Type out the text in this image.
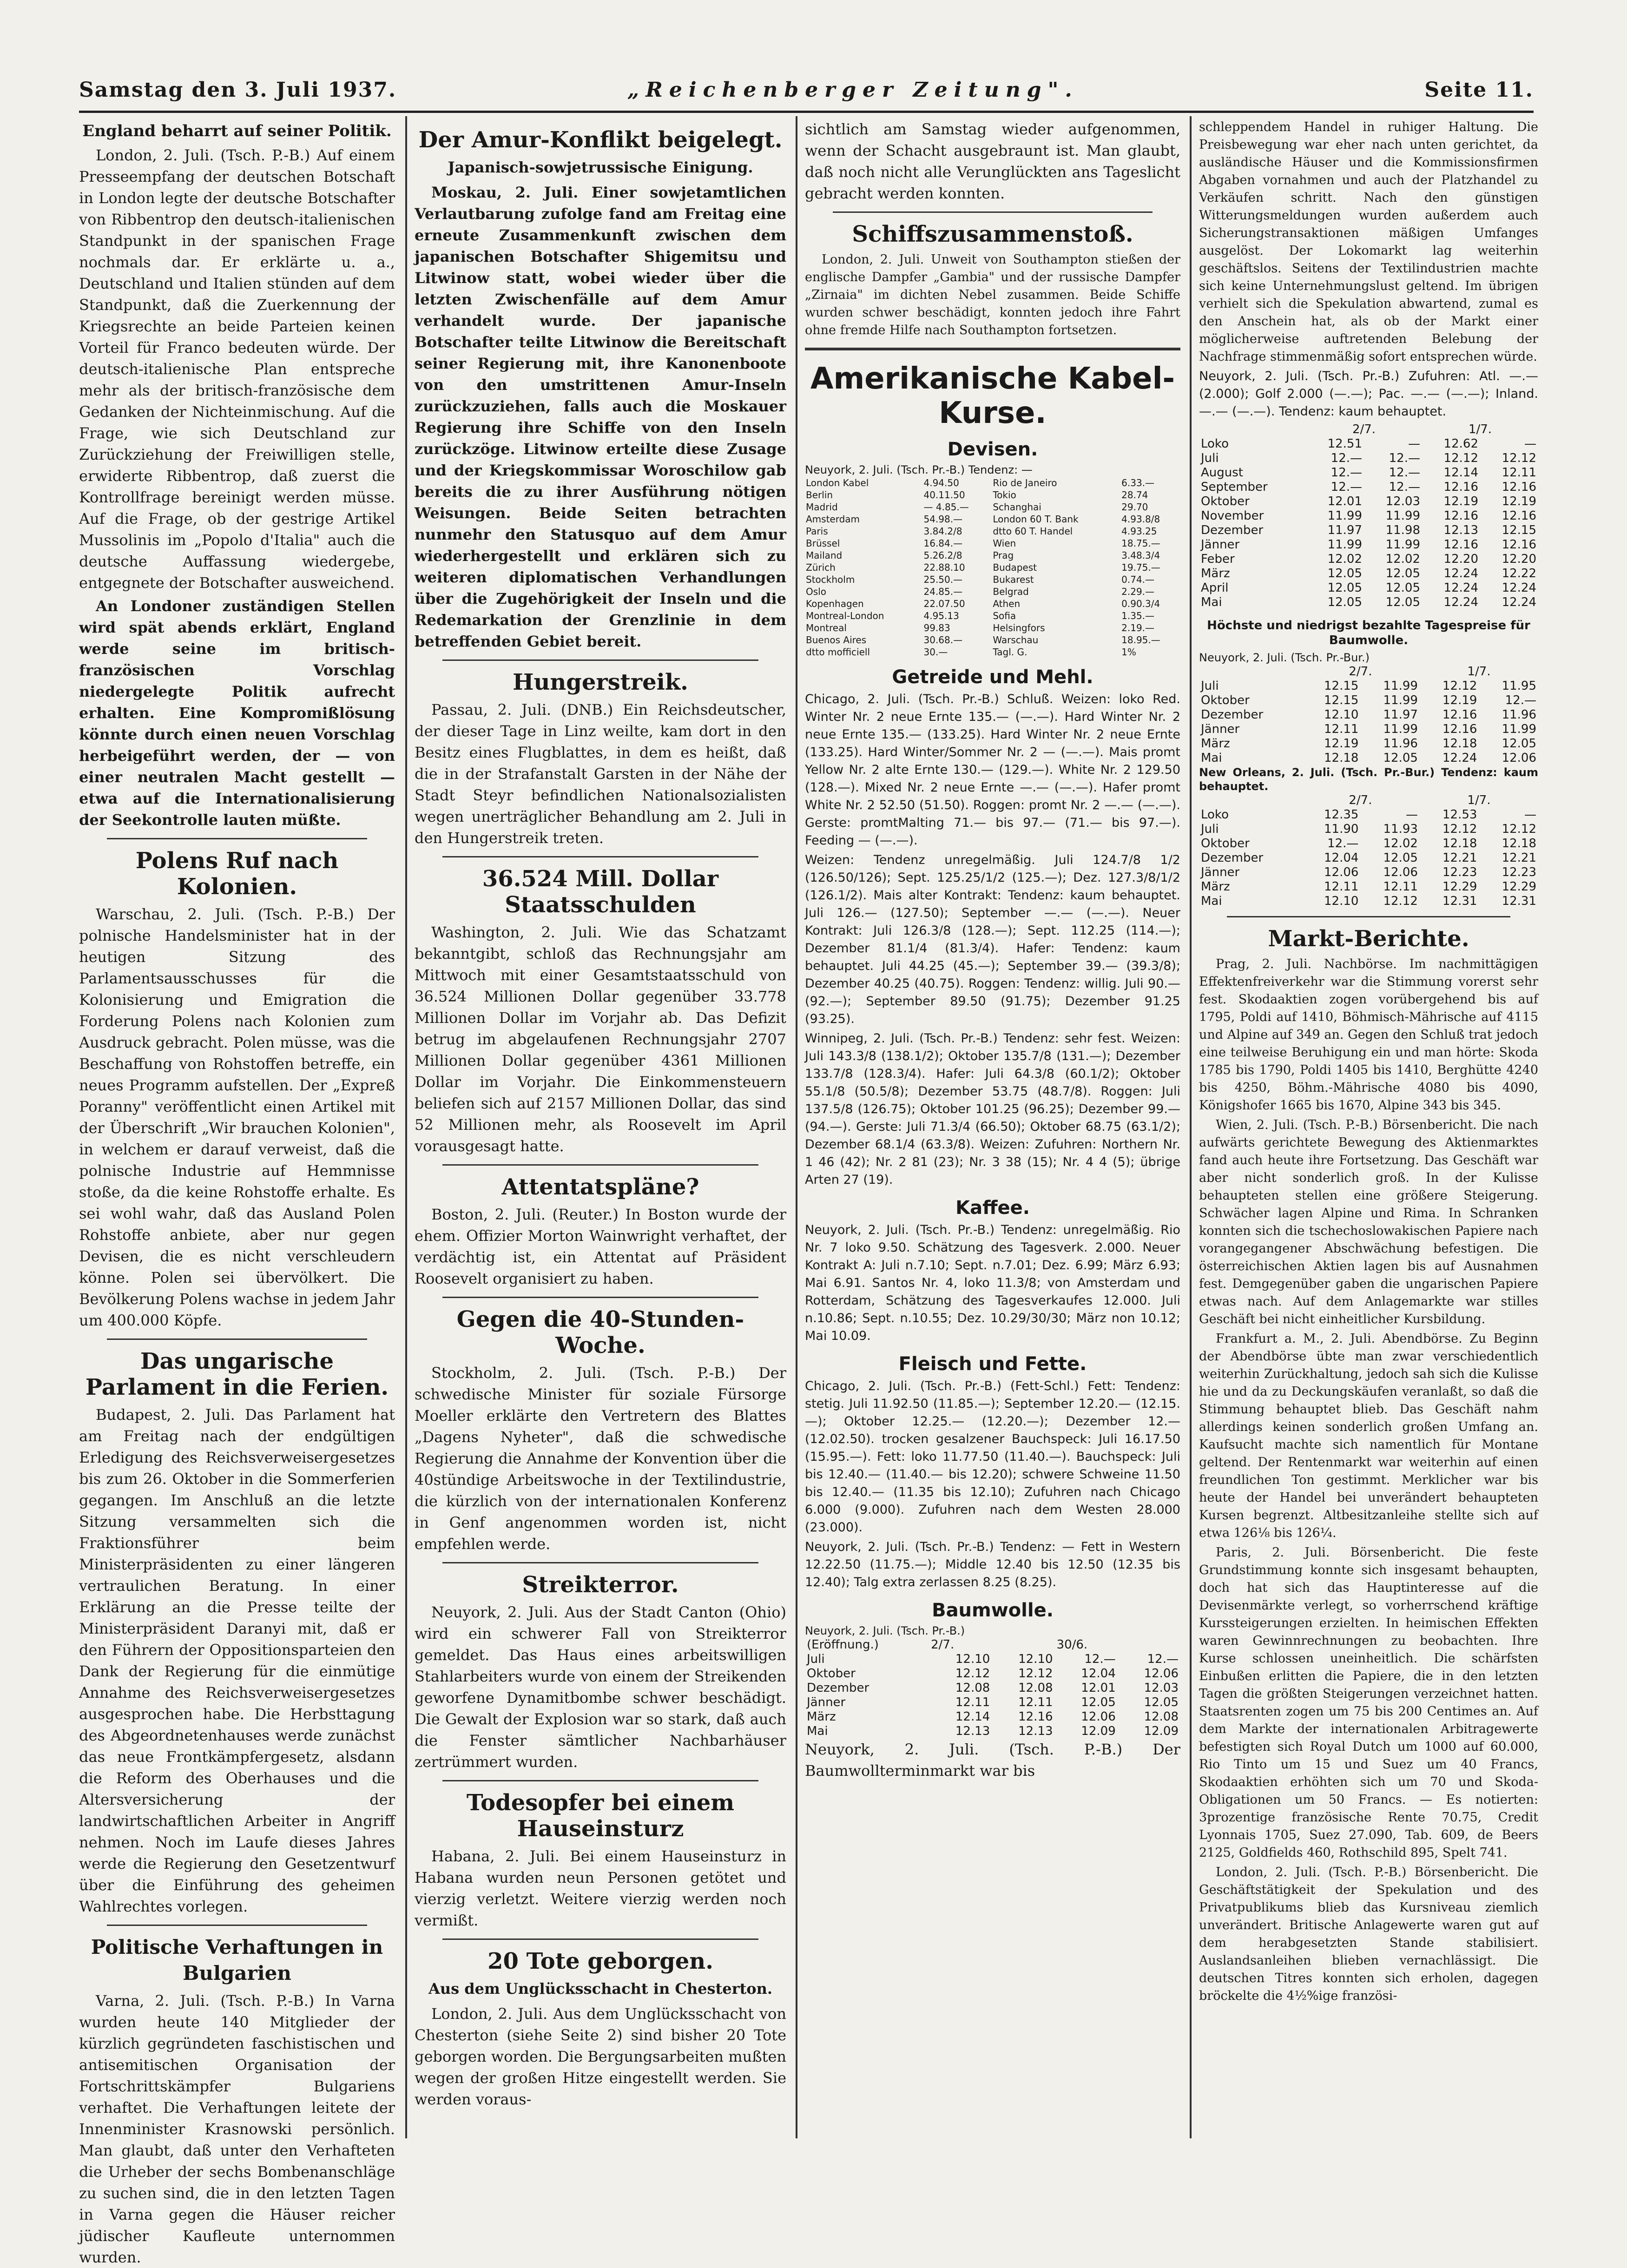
Samstag den 3. Juli 1937.	„Reichenberger Zeitung".	Seite 11.
England beharrt auf seiner Politik.

London, 2. Juli. (Tsch. P.-B.) Auf einem Presseempfang der deutschen Botschaft in London legte der deutsche Botschafter von Ribbentrop den deutsch-italienischen Standpunkt in der spanischen Frage nochmals dar. Er erklärte u. a., Deutschland und Italien stünden auf dem Standpunkt, daß die Zuerkennung der Kriegsrechte an beide Parteien keinen Vorteil für Franco bedeuten würde. Der deutsch-italienische Plan entspreche mehr als der britisch-französische dem Gedanken der Nichteinmischung. Auf die Frage, wie sich Deutschland zur Zurückziehung der Freiwilligen stelle, erwiderte Ribbentrop, daß zuerst die Kontrollfrage bereinigt werden müsse. Auf die Frage, ob der gestrige Artikel Mussolinis im „Popolo d'Italia" auch die deutsche Auffassung wiedergebe, entgegnete der Botschafter ausweichend.

An Londoner zuständigen Stellen wird spät abends erklärt, England werde seine im britisch-französischen Vorschlag niedergelegte Politik aufrecht erhalten. Eine Kompromißlösung könnte durch einen neuen Vorschlag herbeigeführt werden, der — von einer neutralen Macht gestellt — etwa auf die Internationalisierung der Seekontrolle lauten müßte.

Polens Ruf nach Kolonien.

Warschau, 2. Juli. (Tsch. P.-B.) Der polnische Handelsminister hat in der heutigen Sitzung des Parlamentsausschusses für die Kolonisierung und Emigration die Forderung Polens nach Kolonien zum Ausdruck gebracht. Polen müsse, was die Beschaffung von Rohstoffen betreffe, ein neues Programm aufstellen. Der „Expreß Poranny" veröffentlicht einen Artikel mit der Überschrift „Wir brauchen Kolonien", in welchem er darauf verweist, daß die polnische Industrie auf Hemmnisse stoße, da die keine Rohstoffe erhalte. Es sei wohl wahr, daß das Ausland Polen Rohstoffe anbiete, aber nur gegen Devisen, die es nicht verschleudern könne. Polen sei übervölkert. Die Bevölkerung Polens wachse in jedem Jahr um 400.000 Köpfe.

Das ungarische Parlament in die Ferien.

Budapest, 2. Juli. Das Parlament hat am Freitag nach der endgültigen Erledigung des Reichsverweisergesetzes bis zum 26. Oktober in die Sommerferien gegangen. Im Anschluß an die letzte Sitzung versammelten sich die Fraktionsführer beim Ministerpräsidenten zu einer längeren vertraulichen Beratung. In einer Erklärung an die Presse teilte der Ministerpräsident Daranyi mit, daß er den Führern der Oppositionsparteien den Dank der Regierung für die einmütige Annahme des Reichsverweisergesetzes ausgesprochen habe. Die Herbsttagung des Abgeordnetenhauses werde zunächst das neue Frontkämpfergesetz, alsdann die Reform des Oberhauses und die Altersversicherung der landwirtschaftlichen Arbeiter in Angriff nehmen. Noch im Laufe dieses Jahres werde die Regierung den Gesetzentwurf über die Einführung des geheimen Wahlrechtes vorlegen.

Politische Verhaftungen in Bulgarien

Varna, 2. Juli. (Tsch. P.-B.) In Varna wurden heute 140 Mitglieder der kürzlich gegründeten faschistischen und antisemitischen Organisation der Fortschrittskämpfer Bulgariens verhaftet. Die Verhaftungen leitete der Innenminister Krasnowski persönlich. Man glaubt, daß unter den Verhafteten die Urheber der sechs Bombenanschläge zu suchen sind, die in den letzten Tagen in Varna gegen die Häuser reicher jüdischer Kaufleute unternommen wurden.

Der Amur-Konflikt beigelegt.
Japanisch-sowjetrussische Einigung.

Moskau, 2. Juli. Einer sowjetamtlichen Verlautbarung zufolge fand am Freitag eine erneute Zusammenkunft zwischen dem japanischen Botschafter Shigemitsu und Litwinow statt, wobei wieder über die letzten Zwischenfälle auf dem Amur verhandelt wurde. Der japanische Botschafter teilte Litwinow die Bereitschaft seiner Regierung mit, ihre Kanonenboote von den umstrittenen Amur-Inseln zurückzuziehen, falls auch die Moskauer Regierung ihre Schiffe von den Inseln zurückzöge. Litwinow erteilte diese Zusage und der Kriegskommissar Woroschilow gab bereits die zu ihrer Ausführung nötigen Weisungen. Beide Seiten betrachten nunmehr den Statusquo auf dem Amur wiederhergestellt und erklären sich zu weiteren diplomatischen Verhandlungen über die Zugehörigkeit der Inseln und die Redemarkation der Grenzlinie in dem betreffenden Gebiet bereit.

Hungerstreik.

Passau, 2. Juli. (DNB.) Ein Reichsdeutscher, der dieser Tage in Linz weilte, kam dort in den Besitz eines Flugblattes, in dem es heißt, daß die in der Strafanstalt Garsten in der Nähe der Stadt Steyr befindlichen Nationalsozialisten wegen unerträglicher Behandlung am 2. Juli in den Hungerstreik treten.

36.524 Mill. Dollar Staatsschulden

Washington, 2. Juli. Wie das Schatzamt bekanntgibt, schloß das Rechnungsjahr am Mittwoch mit einer Gesamtstaatsschuld von 36.524 Millionen Dollar gegenüber 33.778 Millionen Dollar im Vorjahr ab. Das Defizit betrug im abgelaufenen Rechnungsjahr 2707 Millionen Dollar gegenüber 4361 Millionen Dollar im Vorjahr. Die Einkommensteuern beliefen sich auf 2157 Millionen Dollar, das sind 52 Millionen mehr, als Roosevelt im April vorausgesagt hatte.

Attentatspläne?

Boston, 2. Juli. (Reuter.) In Boston wurde der ehem. Offizier Morton Wainwright verhaftet, der verdächtig ist, ein Attentat auf Präsident Roosevelt organisiert zu haben.

Gegen die 40-Stunden-Woche.

Stockholm, 2. Juli. (Tsch. P.-B.) Der schwedische Minister für soziale Fürsorge Moeller erklärte den Vertretern des Blattes „Dagens Nyheter", daß die schwedische Regierung die Annahme der Konvention über die 40stündige Arbeitswoche in der Textilindustrie, die kürzlich von der internationalen Konferenz in Genf angenommen worden ist, nicht empfehlen werde.

Streikterror.

Neuyork, 2. Juli. Aus der Stadt Canton (Ohio) wird ein schwerer Fall von Streikterror gemeldet. Das Haus eines arbeitswilligen Stahlarbeiters wurde von einem der Streikenden geworfene Dynamitbombe schwer beschädigt. Die Gewalt der Explosion war so stark, daß auch die Fenster sämtlicher Nachbarhäuser zertrümmert wurden.

Todesopfer bei einem Hauseinsturz

Habana, 2. Juli. Bei einem Hauseinsturz in Habana wurden neun Personen getötet und vierzig verletzt. Weitere vierzig werden noch vermißt.

20 Tote geborgen.
Aus dem Unglücksschacht in Chesterton.

London, 2. Juli. Aus dem Unglücksschacht von Chesterton (siehe Seite 2) sind bisher 20 Tote geborgen worden. Die Bergungsarbeiten mußten wegen der großen Hitze eingestellt werden. Sie werden voraus-

sichtlich am Samstag wieder aufgenommen, wenn der Schacht ausgebraunt ist. Man glaubt, daß noch nicht alle Verunglückten ans Tageslicht gebracht werden konnten.

Schiffszusammenstoß.

London, 2. Juli. Unweit von Southampton stießen der englische Dampfer „Gambia" und der russische Dampfer „Zirnaia" im dichten Nebel zusammen. Beide Schiffe wurden schwer beschädigt, konnten jedoch ihre Fahrt ohne fremde Hilfe nach Southampton fortsetzen.

Amerikanische Kabel-Kurse.
Devisen.
Neuyork, 2. Juli. (Tsch. Pr.-B.) Tendenz: —
London Kabel	4.94.50	Rio de Janeiro	6.33.—
Berlin	40.11.50	Tokio	28.74
Madrid	— 4.85.—	Schanghai	29.70
Amsterdam	54.98.—	London 60 T. Bank	4.93.8/8
Paris	3.84.2/8	dtto 60 T. Handel	4.93.25
Brüssel	16.84.—	Wien	18.75.—
Mailand	5.26.2/8	Prag	3.48.3/4
Zürich	22.88.10	Budapest	19.75.—
Stockholm	25.50.—	Bukarest	0.74.—
Oslo	24.85.—	Belgrad	2.29.—
Kopenhagen	22.07.50	Athen	0.90.3/4
Montreal-London	4.95.13	Sofia	1.35.—
Montreal	99.83	Helsingfors	2.19.—
Buenos Aires	30.68.—	Warschau	18.95.—
dtto mofficiell	30.—	Tagl. G.	1%
Getreide und Mehl.

Chicago, 2. Juli. (Tsch. Pr.-B.) Schluß. Weizen: loko Red. Winter Nr. 2 neue Ernte 135.— (—.—). Hard Winter Nr. 2 neue Ernte 135.— (133.25). Hard Winter Nr. 2 neue Ernte (133.25). Hard Winter/Sommer Nr. 2 — (—.—). Mais promt Yellow Nr. 2 alte Ernte 130.— (129.—). White Nr. 2 129.50 (128.—). Mixed Nr. 2 neue Ernte —.— (—.—). Hafer promt White Nr. 2 52.50 (51.50). Roggen: promt Nr. 2 —.— (—.—). Gerste: promtMalting 71.— bis 97.— (71.— bis 97.—). Feeding — (—.—).

Weizen: Tendenz unregelmäßig. Juli 124.7/8 1/2 (126.50/126); Sept. 125.25/1/2 (125.—); Dez. 127.3/8/1/2 (126.1/2). Mais alter Kontrakt: Tendenz: kaum behauptet. Juli 126.— (127.50); September —.— (—.—). Neuer Kontrakt: Juli 126.3/8 (128.—); Sept. 112.25 (114.—); Dezember 81.1/4 (81.3/4). Hafer: Tendenz: kaum behauptet. Juli 44.25 (45.—); September 39.— (39.3/8); Dezember 40.25 (40.75). Roggen: Tendenz: willig. Juli 90.— (92.—); September 89.50 (91.75); Dezember 91.25 (93.25).

Winnipeg, 2. Juli. (Tsch. Pr.-B.) Tendenz: sehr fest. Weizen: Juli 143.3/8 (138.1/2); Oktober 135.7/8 (131.—); Dezember 133.7/8 (128.3/4). Hafer: Juli 64.3/8 (60.1/2); Oktober 55.1/8 (50.5/8); Dezember 53.75 (48.7/8). Roggen: Juli 137.5/8 (126.75); Oktober 101.25 (96.25); Dezember 99.— (94.—). Gerste: Juli 71.3/4 (66.50); Oktober 68.75 (63.1/2); Dezember 68.1/4 (63.3/8). Weizen: Zufuhren: Northern Nr. 1 46 (42); Nr. 2 81 (23); Nr. 3 38 (15); Nr. 4 4 (5); übrige Arten 27 (19).

Kaffee.

Neuyork, 2. Juli. (Tsch. Pr.-B.) Tendenz: unregelmäßig. Rio Nr. 7 loko 9.50. Schätzung des Tagesverk. 2.000. Neuer Kontrakt A: Juli n.7.10; Sept. n.7.01; Dez. 6.99; März 6.93; Mai 6.91. Santos Nr. 4, loko 11.3/8; von Amsterdam und Rotterdam, Schätzung des Tagesverkaufes 12.000. Juli n.10.86; Sept. n.10.55; Dez. 10.29/30/30; März non 10.12; Mai 10.09.

Fleisch und Fette.

Chicago, 2. Juli. (Tsch. Pr.-B.) (Fett-Schl.) Fett: Tendenz: stetig. Juli 11.92.50 (11.85.—); September 12.20.— (12.15.—); Oktober 12.25.— (12.20.—); Dezember 12.— (12.02.50). trocken gesalzener Bauchspeck: Juli 16.17.50 (15.95.—). Fett: loko 11.77.50 (11.40.—). Bauchspeck: Juli bis 12.40.— (11.40.— bis 12.20); schwere Schweine 11.50 bis 12.40.— (11.35 bis 12.10); Zufuhren nach Chicago 6.000 (9.000). Zufuhren nach dem Westen 28.000 (23.000).

Neuyork, 2. Juli. (Tsch. Pr.-B.) Tendenz: — Fett in Western 12.22.50 (11.75.—); Middle 12.40 bis 12.50 (12.35 bis 12.40); Talg extra zerlassen 8.25 (8.25).

Baumwolle.
Neuyork, 2. Juli. (Tsch. Pr.-B.)
(Eröffnung.)	2/7.		30/6.	
Juli	12.10	12.10	12.—	12.—
Oktober	12.12	12.12	12.04	12.06
Dezember	12.08	12.08	12.01	12.03
Jänner	12.11	12.11	12.05	12.05
März	12.14	12.16	12.06	12.08
Mai	12.13	12.13	12.09	12.09

Neuyork, 2. Juli. (Tsch. P.-B.) Der Baumwollterminmarkt war bis

schleppendem Handel in ruhiger Haltung. Die Preisbewegung war eher nach unten gerichtet, da ausländische Häuser und die Kommissionsfirmen Abgaben vornahmen und auch der Platzhandel zu Verkäufen schritt. Nach den günstigen Witterungsmeldungen wurden außerdem auch Sicherungstransaktionen mäßigen Umfanges ausgelöst. Der Lokomarkt lag weiterhin geschäftslos. Seitens der Textilindustrien machte sich keine Unternehmungslust geltend. Im übrigen verhielt sich die Spekulation abwartend, zumal es den Anschein hat, als ob der Markt einer möglicherweise auftretenden Belebung der Nachfrage stimmenmäßig sofort entsprechen würde.

Neuyork, 2. Juli. (Tsch. Pr.-B.) Zufuhren: Atl. —.— (2.000); Golf 2.000 (—.—); Pac. —.— (—.—); Inland. —.— (—.—). Tendenz: kaum behauptet.

	2/7.		1/7.	
Loko	12.51	—	12.62	—
Juli	12.—	12.—	12.12	12.12
August	12.—	12.—	12.14	12.11
September	12.—	12.—	12.16	12.16
Oktober	12.01	12.03	12.19	12.19
November	11.99	11.99	12.16	12.16
Dezember	11.97	11.98	12.13	12.15
Jänner	11.99	11.99	12.16	12.16
Feber	12.02	12.02	12.20	12.20
März	12.05	12.05	12.24	12.22
April	12.05	12.05	12.24	12.24
Mai	12.05	12.05	12.24	12.24
Höchste und niedrigst bezahlte Tagespreise für Baumwolle.
Neuyork, 2. Juli. (Tsch. Pr.-Bur.)
	2/7.		1/7.	
Juli	12.15	11.99	12.12	11.95
Oktober	12.15	11.99	12.19	12.—
Dezember	12.10	11.97	12.16	11.96
Jänner	12.11	11.99	12.16	11.99
März	12.19	11.96	12.18	12.05
Mai	12.18	12.05	12.24	12.06
New Orleans, 2. Juli. (Tsch. Pr.-Bur.) Tendenz: kaum behauptet.
	2/7.		1/7.	
Loko	12.35	—	12.53	—
Juli	11.90	11.93	12.12	12.12
Oktober	12.—	12.02	12.18	12.18
Dezember	12.04	12.05	12.21	12.21
Jänner	12.06	12.06	12.23	12.23
März	12.11	12.11	12.29	12.29
Mai	12.10	12.12	12.31	12.31
Markt-Berichte.

Prag, 2. Juli. Nachbörse. Im nachmittägigen Effektenfreiverkehr war die Stimmung vorerst sehr fest. Skodaaktien zogen vorübergehend bis auf 1795, Poldi auf 1410, Böhmisch-Mährische auf 4115 und Alpine auf 349 an. Gegen den Schluß trat jedoch eine teilweise Beruhigung ein und man hörte: Skoda 1785 bis 1790, Poldi 1405 bis 1410, Berghütte 4240 bis 4250, Böhm.-Mährische 4080 bis 4090, Königshofer 1665 bis 1670, Alpine 343 bis 345.

Wien, 2. Juli. (Tsch. P.-B.) Börsenbericht. Die nach aufwärts gerichtete Bewegung des Aktienmarktes fand auch heute ihre Fortsetzung. Das Geschäft war aber nicht sonderlich groß. In der Kulisse behaupteten stellen eine größere Steigerung. Schwächer lagen Alpine und Rima. In Schranken konnten sich die tschechoslowakischen Papiere nach vorangegangener Abschwächung befestigen. Die österreichischen Aktien lagen bis auf Ausnahmen fest. Demgegenüber gaben die ungarischen Papiere etwas nach. Auf dem Anlagemarkte war stilles Geschäft bei nicht einheitlicher Kursbildung.

Frankfurt a. M., 2. Juli. Abendbörse. Zu Beginn der Abendbörse übte man zwar verschiedentlich weiterhin Zurückhaltung, jedoch sah sich die Kulisse hie und da zu Deckungskäufen veranlaßt, so daß die Stimmung behauptet blieb. Das Geschäft nahm allerdings keinen sonderlich großen Umfang an. Kaufsucht machte sich namentlich für Montane geltend. Der Rentenmarkt war weiterhin auf einen freundlichen Ton gestimmt. Merklicher war bis heute der Handel bei unverändert behaupteten Kursen begrenzt. Altbesitzanleihe stellte sich auf etwa 126⅛ bis 126¼.

Paris, 2. Juli. Börsenbericht. Die feste Grundstimmung konnte sich insgesamt behaupten, doch hat sich das Hauptinteresse auf die Devisenmärkte verlegt, so vorherrschend kräftige Kurssteigerungen erzielten. In heimischen Effekten waren Gewinnrechnungen zu beobachten. Ihre Kurse schlossen uneinheitlich. Die schärfsten Einbußen erlitten die Papiere, die in den letzten Tagen die größten Steigerungen verzeichnet hatten. Staatsrenten zogen um 75 bis 200 Centimes an. Auf dem Markte der internationalen Arbitragewerte befestigten sich Royal Dutch um 1000 auf 60.000, Rio Tinto um 15 und Suez um 40 Francs, Skodaaktien erhöhten sich um 70 und Skoda-Obligationen um 50 Francs. — Es notierten: 3prozentige französische Rente 70.75, Credit Lyonnais 1705, Suez 27.090, Tab. 609, de Beers 2125, Goldfields 460, Rothschild 895, Spelt 741.

London, 2. Juli. (Tsch. P.-B.) Börsenbericht. Die Geschäftstätigkeit der Spekulation und des Privatpublikums blieb das Kursniveau ziemlich unverändert. Britische Anlagewerte waren gut auf dem herabgesetzten Stande stabilisiert. Auslandsanleihen blieben vernachlässigt. Die deutschen Titres konnten sich erholen, dagegen bröckelte die 4½%ige französi-
